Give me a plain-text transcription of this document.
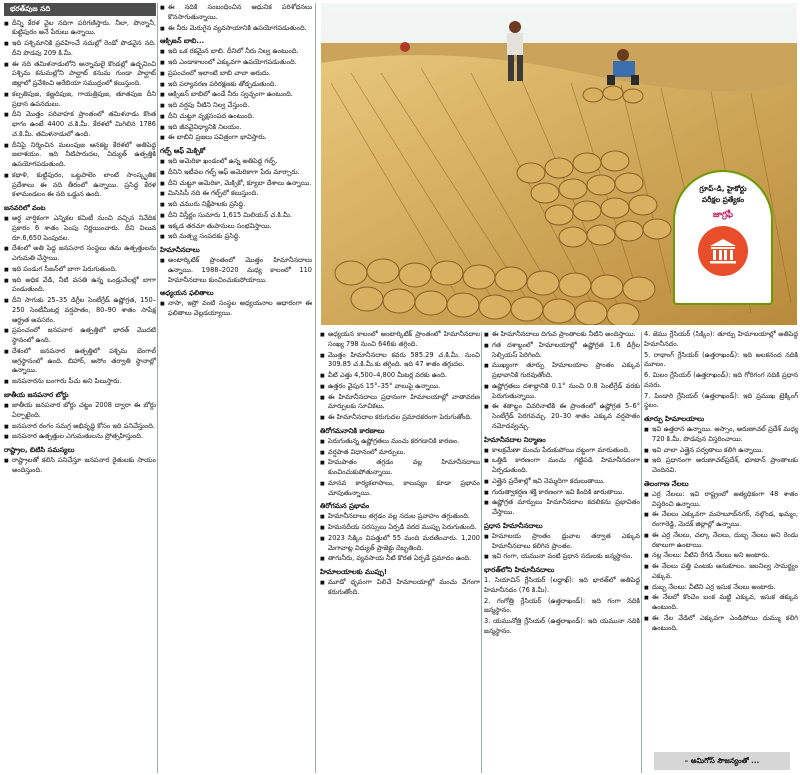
భరత్‌పుజ నది
■ దీన్ని కేరళ వైల నదిగా పరిగణిస్తారు. నీలా, పొన్నానీ, కుట్టిపురం అనే పేరులు ఉన్నాయి.
■ ఇది పశ్చిమానికి ప్రవహించే నదుల్లో రెండో పొడవైన నది. దీని పొడవు 209 కి.మీ.
■ ఈ నది తమిళనాడులోని అన్నామలై కొండల్లో ఉద్భవించి పశ్చిమ కనుమల్లోని పాల్ఘాట్ కనుమ గుండా పాల్ఘాట్ జిల్లాలో ప్రవేశించి అరేబియా సముద్రంలో కలుస్తుంది.
■ కల్పతిపుజ, కణ్ణదిపుజ, గాయత్రిపుజ, తూతపుజ దీని ప్రధాన ఉపనదులు.
■ దీని మొత్తం పరివాహక ప్రాంతంలో తమిళనాడు కొంత భాగం ఉంటే 4400 చ.కి.మీ. కేరళలో మిగిలిన 1786 చ.కి.మీ. తమిళనాడులో ఉంది.
■ దీనిపై నిర్మించిన మలంపుజ ఆనకట్ట కేరళలో అతిపెద్ద జలాశయం. ఇది నీటిపారుదల, విద్యుత్ ఉత్పత్తికి ఉపయోగపడుతుంది.
■ కథాళి, కుట్టిపురం, ఒట్టపాలెం లాంటి సాంస్కృతిక ప్రదేశాలు ఈ నది తీరంలో ఉన్నాయి. ప్రసిద్ధ కేరళ కళామండలం ఈ నది ఒడ్డున ఉంది.
జనవరిలో వంట
■ అర్ధ వార్షికంగా ఎన్నికల కమిటీ నుంచి వచ్చిన నివేదిక ప్రకారం 6 శాతం పెంపు నిర్ణయించారు. దీని విలువ రూ.6,650 పెంపుదల.
■ దేశంలో అతి పెద్ద జనపనార సంస్థలు తమ ఉత్పత్తులను ఎగుమతి చేస్తాయి.
■ ఇది పండుగ సీజన్‌లో బాగా పెరుగుతుంది.
■ ఇది అధిక వేడి, నీటి వసతి ఉన్న ఒండ్రునేలల్లో బాగా పండుతుంది.
■ దీని సాగుకు 25–35 డిగ్రీల సెంటీగ్రేడ్ ఉష్ణోగ్రత, 150–250 సెంటీమీటర్ల వర్షపాతం, 80–90 శాతం సాపేక్ష ఆర్ద్రత అవసరం.
■ ప్రపంచంలో జనపనార ఉత్పత్తిలో భారత్ మొదటి స్థానంలో ఉంది.
■ దేశంలో జనపనార ఉత్పత్తిలో పశ్చిమ బెంగాల్ అగ్రస్థానంలో ఉంది. బిహార్, అసోం తర్వాతి స్థానాల్లో ఉన్నాయి.
■ జనపనారను బంగారు పీచు అని పిలుస్తారు.
జాతీయ జనపనార బోర్డు
■ జాతీయ జనపనార బోర్డు చట్టం 2008 ద్వారా ఈ బోర్డు ఏర్పాటైంది.
■ జనపనార రంగం సమగ్ర అభివృద్ధి కోసం ఇది పనిచేస్తుంది.
■ జనపనార ఉత్పత్తుల ఎగుమతులను ప్రోత్సహిస్తుంది.
రాష్ట్రాల, బిటిసి సమస్యలు
■ రాష్ట్రాలతో కలిసి పనిచేస్తూ జనపనార రైతులకు సాయం అందిస్తుంది.
■ ఈ నదికి సంబంధించిన ఆధునిక పరిశోధనలు కొనసాగుతున్నాయి.
■ ఈ నీరు మెరుగైన వ్యవసాయానికి ఉపయోగపడుతుంది.
ఆక్సిజన్ బాబి...
■ ఇది ఒక రకమైన బాబి. దీనిలో నీరు నిల్వ ఉంటుంది.
■ ఇది ఎండాకాలంలో ఎక్కువగా ఉపయోగపడుతుంది.
■ ప్రపంచంలో ఇలాంటి బాబి చాలా అరుదు.
■ ఇది పర్యావరణ పరిరక్షణకు తోడ్పడుతుంది.
■ ఆక్సిజన్ బాబిలో ఉండే నీరు స్వచ్ఛంగా ఉంటుంది.
■ ఇది వర్షపు నీటిని నిల్వ చేస్తుంది.
■ దీని చుట్టూ వృక్షసంపద ఉంటుంది.
■ ఇది జీవవైవిధ్యానికి నిలయం.
■ ఈ బాబిని ప్రజలు పవిత్రంగా భావిస్తారు.
గల్ఫ్ ఆఫ్ మెక్సికో
■ ఇది అమెరికా ఖండంలో ఉన్న అతిపెద్ద గల్ఫ్.
■ దీనిని ఇటీవల గల్ఫ్ ఆఫ్ అమెరికాగా పేరు మార్చారు.
■ దీని చుట్టూ అమెరికా, మెక్సికో, క్యూబా దేశాలు ఉన్నాయి.
■ మిసిసిపీ నది ఈ గల్ఫ్‌లో కలుస్తుంది.
■ ఇది చమురు నిక్షేపాలకు ప్రసిద్ధి.
■ దీని విస్తీర్ణం సుమారు 1,615 మిలియన్ చ.కి.మీ.
■ ఇక్కడ తరచూ తుపానులు సంభవిస్తాయి.
■ ఇది మత్స్య సంపదకు ప్రసిద్ధి.
హిమానీనదాలు
■ అంటార్కిటిక్ ప్రాంతంలో మొత్తం హిమానీనదాలు ఉన్నాయి. 1988–2020 మధ్య కాలంలో 110 హిమానీనదాలు కుంచించుకుపోయాయి.
అధ్యయన ఫలితాలు
■ నాసా, ఇస్రో వంటి సంస్థల అధ్యయనాల ఆధారంగా ఈ ఫలితాలు వెల్లడయ్యాయి.
గ్రూప్-డి, హైకోర్టు
పరీక్షల ప్రత్యేకం
జాగ్రఫీ
■ అధ్యయన కాలంలో అంటార్కిటిక్ ప్రాంతంలో హిమానీనదాల సంఖ్య 798 నుంచి 646కు తగ్గింది.
■ మొత్తం హిమానీనదాల కవరు 585.29 చ.కి.మీ. నుంచి 309.85 చ.కి.మీ.కు తగ్గింది. ఇది 47 శాతం తగ్గుదల.
■ వీటి ఎత్తు 4,500–4,800 మీటర్ల వరకు ఉంది.
■ ఉత్తరం వైపున 15°–35° వాలుపై ఉన్నాయి.
■ ఈ హిమానీనదాలు ప్రధానంగా హిమాలయాల్లో వాతావరణ మార్పులకు సూచికలు.
■ ఈ హిమానీనదాల కరుగుదల ప్రమాదకరంగా పెరుగుతోంది.
తిరోగమనానికి కారణాలు
■ పెరుగుతున్న ఉష్ణోగ్రతలు మంచు కరగడానికి కారణం.
■ వర్షపాత విధానంలో మార్పులు.
■ హిమపాతం తగ్గడం వల్ల హిమానీనదాలు కుంచించుకుపోతున్నాయి.
■ మానవ కార్యకలాపాలు, కాలుష్యం కూడా ప్రభావం చూపుతున్నాయి.
తిరోగమన ప్రభావం
■ హిమానీనదాలు తగ్గడం వల్ల నదుల ప్రవాహం తగ్గుతుంది.
■ హిమనదీయ సరస్సులు ఏర్పడి వరద ముప్పు పెరుగుతుంది.
■ 2023 సిక్కిం విపత్తులో 55 మంది మరణించారు. 1,200 మెగావాట్ల విద్యుత్ ప్రాజెక్టు దెబ్బతింది.
■ తాగునీరు, వ్యవసాయ నీటి కొరత ఏర్పడే ప్రమాదం ఉంది.
హిమాలయాలకు ముప్పు!
■ మూడో ధృవంగా పిలిచే హిమాలయాల్లో మంచు వేగంగా కరుగుతోంది.
■ ఈ హిమానీనదాలు దిగువ ప్రాంతాలకు నీటిని అందిస్తాయి.
■ గత దశాబ్దంలో హిమాలయాల్లో ఉష్ణోగ్రత 1.6 డిగ్రీల సెల్సియస్ పెరిగింది.
■ ముఖ్యంగా తూర్పు హిమాలయాల ప్రాంతం ఎక్కువ ప్రభావానికి గురవుతోంది.
■ ఉష్ణోగ్రతలు దశాబ్దానికి 0.1° నుంచి 0.8 సెంటీగ్రేడ్ వరకు పెరుగుతున్నాయి.
■ ఈ శతాబ్దం చివరినాటికి ఈ ప్రాంతంలో ఉష్ణోగ్రత 5–6° సెంటీగ్రేడ్ పెరగవచ్చు. 20–30 శాతం ఎక్కువ వర్షపాతం నమోదవ్వచ్చు.
హిమానీనదాల నిర్మాణం
■ కాలక్రమేణా మంచు పేరుకుపోయి దట్టంగా మారుతుంది.
■ ఒత్తిడి కారణంగా మంచు గట్టిపడి హిమానీనదంగా ఏర్పడుతుంది.
■ ఎత్తైన ప్రదేశాల్లో ఇవి నెమ్మదిగా కదులుతాయి.
■ గురుత్వాకర్షణ శక్తి కారణంగా ఇవి కిందికి జారుతాయి.
■ ఉష్ణోగ్రత మార్పులు హిమానీనదాల కదలికను ప్రభావితం చేస్తాయి.
ప్రధాన హిమానీనదాలు
■ హిమాలయ ప్రాంతం ధ్రువాల తర్వాత ఎక్కువ హిమానీనదాలు కలిగిన ప్రాంతం.
■ ఇవి గంగా, యమునా వంటి ప్రధాన నదులకు జన్మస్థానం.
భారత్‌లోని హిమానీనదాలు
1. సియాచిన్ గ్లేసియర్ (లద్దాఖ్): ఇది భారత్‌లో అతిపెద్ద హిమానీనదం (76 కి.మీ).
2. గంగోత్రి గ్లేసియర్ (ఉత్తరాఖండ్): ఇది గంగా నదికి జన్మస్థానం.
3. యమునోత్రి గ్లేసియర్ (ఉత్తరాఖండ్): ఇది యమునా నదికి జన్మస్థానం.
4. జెము గ్లేసియర్ (సిక్కిం): తూర్పు హిమాలయాల్లో అతిపెద్ద హిమానీనదం.
5. రాథాంగ్ గ్లేసియర్ (ఉత్తరాఖండ్): ఇది అలకనంద నదికి మూలం.
6. మిలం గ్లేసియర్ (ఉత్తరాఖండ్): ఇది గోరిగంగ నదికి ప్రధాన వనరు.
7. పిండారి గ్లేసియర్ (ఉత్తరాఖండ్): ఇది ప్రముఖ ట్రెక్కింగ్ స్థలం.
తూర్పు హిమాలయాలు
■ ఇవి ఉత్తరాన ఉన్నాయి. అస్సాం, అరుణాచల్ ప్రదేశ్ మధ్య 720 కి.మీ. పొడవున విస్తరించాయి.
■ ఇవి చాలా ఎత్తైన పర్వతాలు కలిగి ఉన్నాయి.
■ ఇది ప్రధానంగా అరుణాచల్‌ప్రదేశ్, భూటాన్ ప్రాంతాలకు చెందినవి.
తెలంగాణ నేలలు
■ ఎర్ర నేలలు: ఇవి రాష్ట్రంలో అత్యధికంగా 48 శాతం విస్తరించి ఉన్నాయి.
■ ఈ నేలలు ఎక్కువగా మహబూబ్‌నగర్, నల్గొండ, ఖమ్మం, రంగారెడ్డి, మెదక్ జిల్లాల్లో ఉన్నాయి.
■ ఈ ఎర్ర నేలలు, చల్కా నేలలు, దుబ్బ నేలలు అని రెండు రకాలుగా ఉంటాయి.
■ నల్ల నేలలు: వీటిని రేగడి నేలలు అని అంటారు.
■ ఈ నేలలు పత్తి పంటకు అనుకూలం. జలనిల్వ సామర్థ్యం ఎక్కువ.
■ దుబ్బ నేలలు: వీటిని ఎర్ర ఇసుక నేలలు అంటారు.
■ ఈ నేలలో కొంచెం బంక మట్టి ఎక్కువ, ఇసుక తక్కువ ఉంటుంది.
■ ఈ నేల వేడిలో ఎక్కువగా ఎండిపోయి దుమ్ము కలిగి ఉంటుంది.
– అమిగోస్ సౌజన్యంతో ...
